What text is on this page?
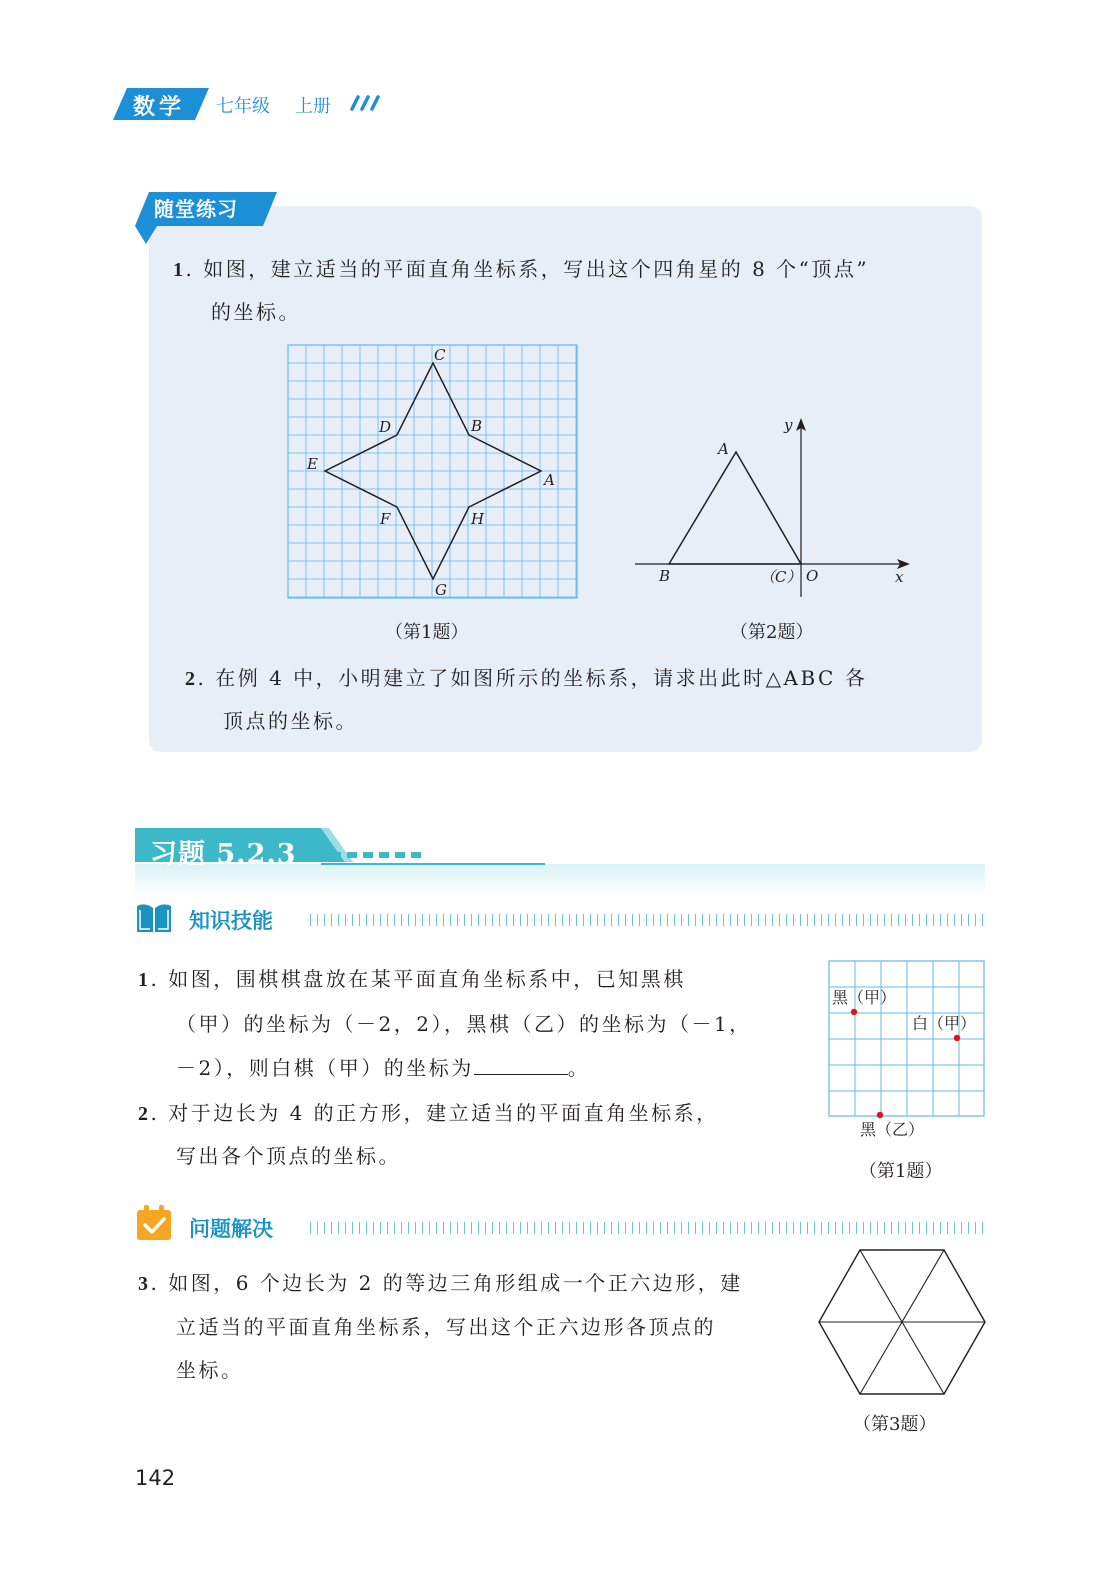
数学 七年级 上册
随堂练习
1. 如图，建立适当的平面直角坐标系，写出这个四角星的 8 个“顶点”
的坐标。
C
D	B
E
A
F	H
G
（第1题）
A
B	（C） O	x
y
（第2题）
2. 在例 4 中，小明建立了如图所示的坐标系，请求出此时△ABC 各
顶点的坐标。
习题 5.2.3
知识技能
1. 如图，围棋棋盘放在某平面直角坐标系中，已知黑棋
（甲）的坐标为（－2，2），黑棋（乙）的坐标为（－1，
－2），则白棋（甲）的坐标为	。
2. 对于边长为 4 的正方形，建立适当的平面直角坐标系，
写出各个顶点的坐标。
黑（甲）
白（甲）
黑（乙）
（第1题）
问题解决
3. 如图，6 个边长为 2 的等边三角形组成一个正六边形，建
立适当的平面直角坐标系，写出这个正六边形各顶点的
坐标。
（第3题）
142
